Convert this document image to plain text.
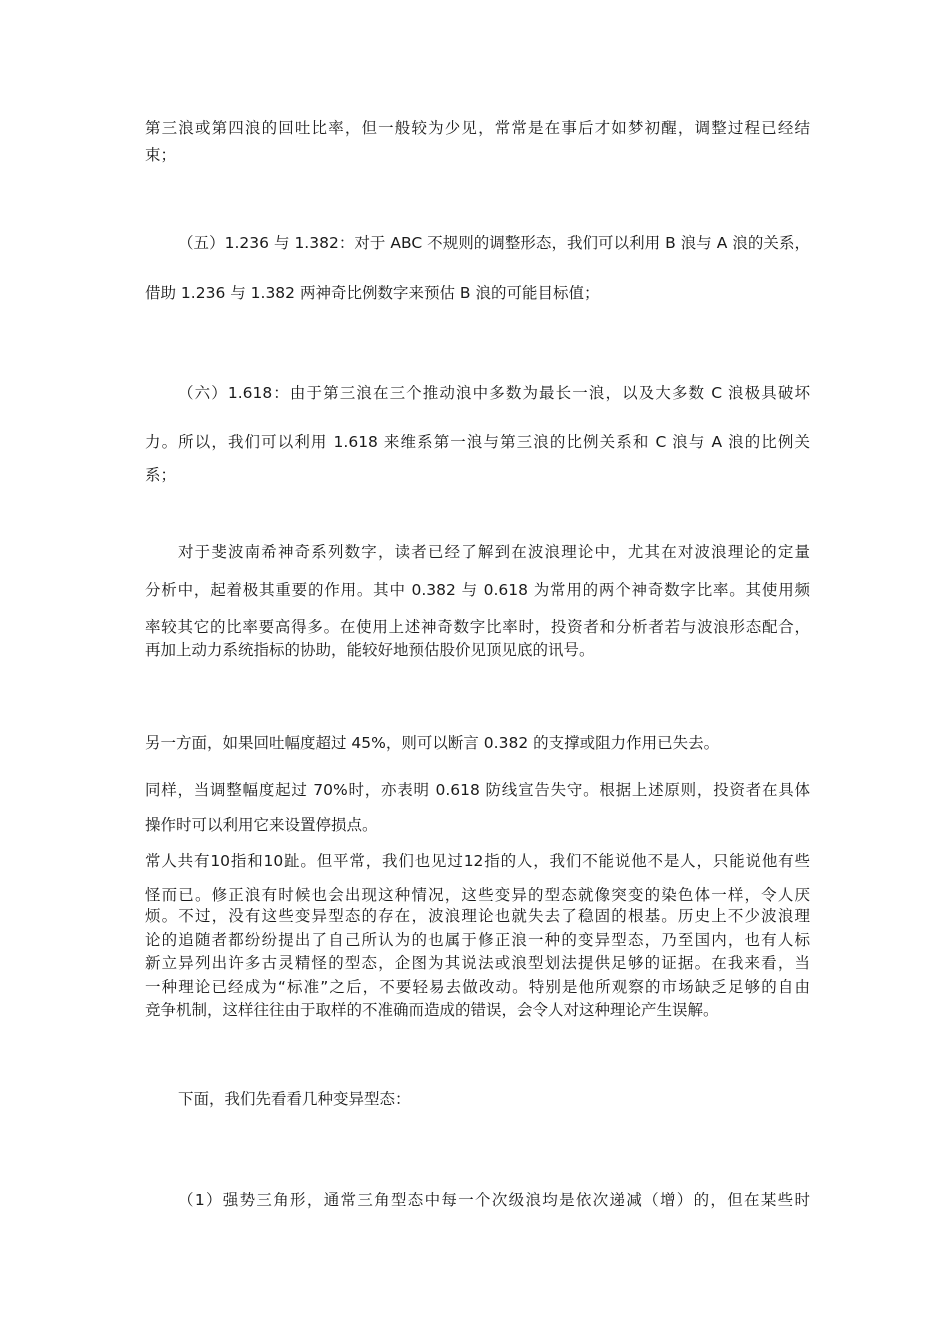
第三浪或第四浪的回吐比率，但一般较为少见，常常是在事后才如梦初醒，调整过程已经结
束；
（五）1.236 与 1.382：对于 ABC 不规则的调整形态，我们可以利用 B 浪与 A 浪的关系，
借助 1.236 与 1.382 两神奇比例数字来预估 B 浪的可能目标值；
（六）1.618：由于第三浪在三个推动浪中多数为最长一浪，以及大多数 C 浪极具破坏
力。所以，我们可以利用 1.618 来维系第一浪与第三浪的比例关系和 C 浪与 A 浪的比例关
系；
对于斐波南希神奇系列数字，读者已经了解到在波浪理论中，尤其在对波浪理论的定量
分析中，起着极其重要的作用。其中 0.382 与 0.618 为常用的两个神奇数字比率。其使用频
率较其它的比率要高得多。在使用上述神奇数字比率时，投资者和分析者若与波浪形态配合，
再加上动力系统指标的协助，能较好地预估股价见顶见底的讯号。
另一方面，如果回吐幅度超过 45%，则可以断言 0.382 的支撑或阻力作用已失去。
同样，当调整幅度起过 70%时，亦表明 0.618 防线宣告失守。根据上述原则，投资者在具体
操作时可以利用它来设置停损点。
常人共有10指和10趾。但平常，我们也见过12指的人，我们不能说他不是人，只能说他有些
怪而已。修正浪有时候也会出现这种情况，这些变异的型态就像突变的染色体一样，令人厌
烦。不过，没有这些变异型态的存在，波浪理论也就失去了稳固的根基。历史上不少波浪理
论的追随者都纷纷提出了自己所认为的也属于修正浪一种的变异型态，乃至国内，也有人标
新立异列出许多古灵精怪的型态，企图为其说法或浪型划法提供足够的证据。在我来看，当
一种理论已经成为“标准”之后，不要轻易去做改动。特别是他所观察的市场缺乏足够的自由
竞争机制，这样往往由于取样的不准确而造成的错误，会令人对这种理论产生误解。
下面，我们先看看几种变异型态：
（1）强势三角形，通常三角型态中每一个次级浪均是依次递减（增）的，但在某些时
